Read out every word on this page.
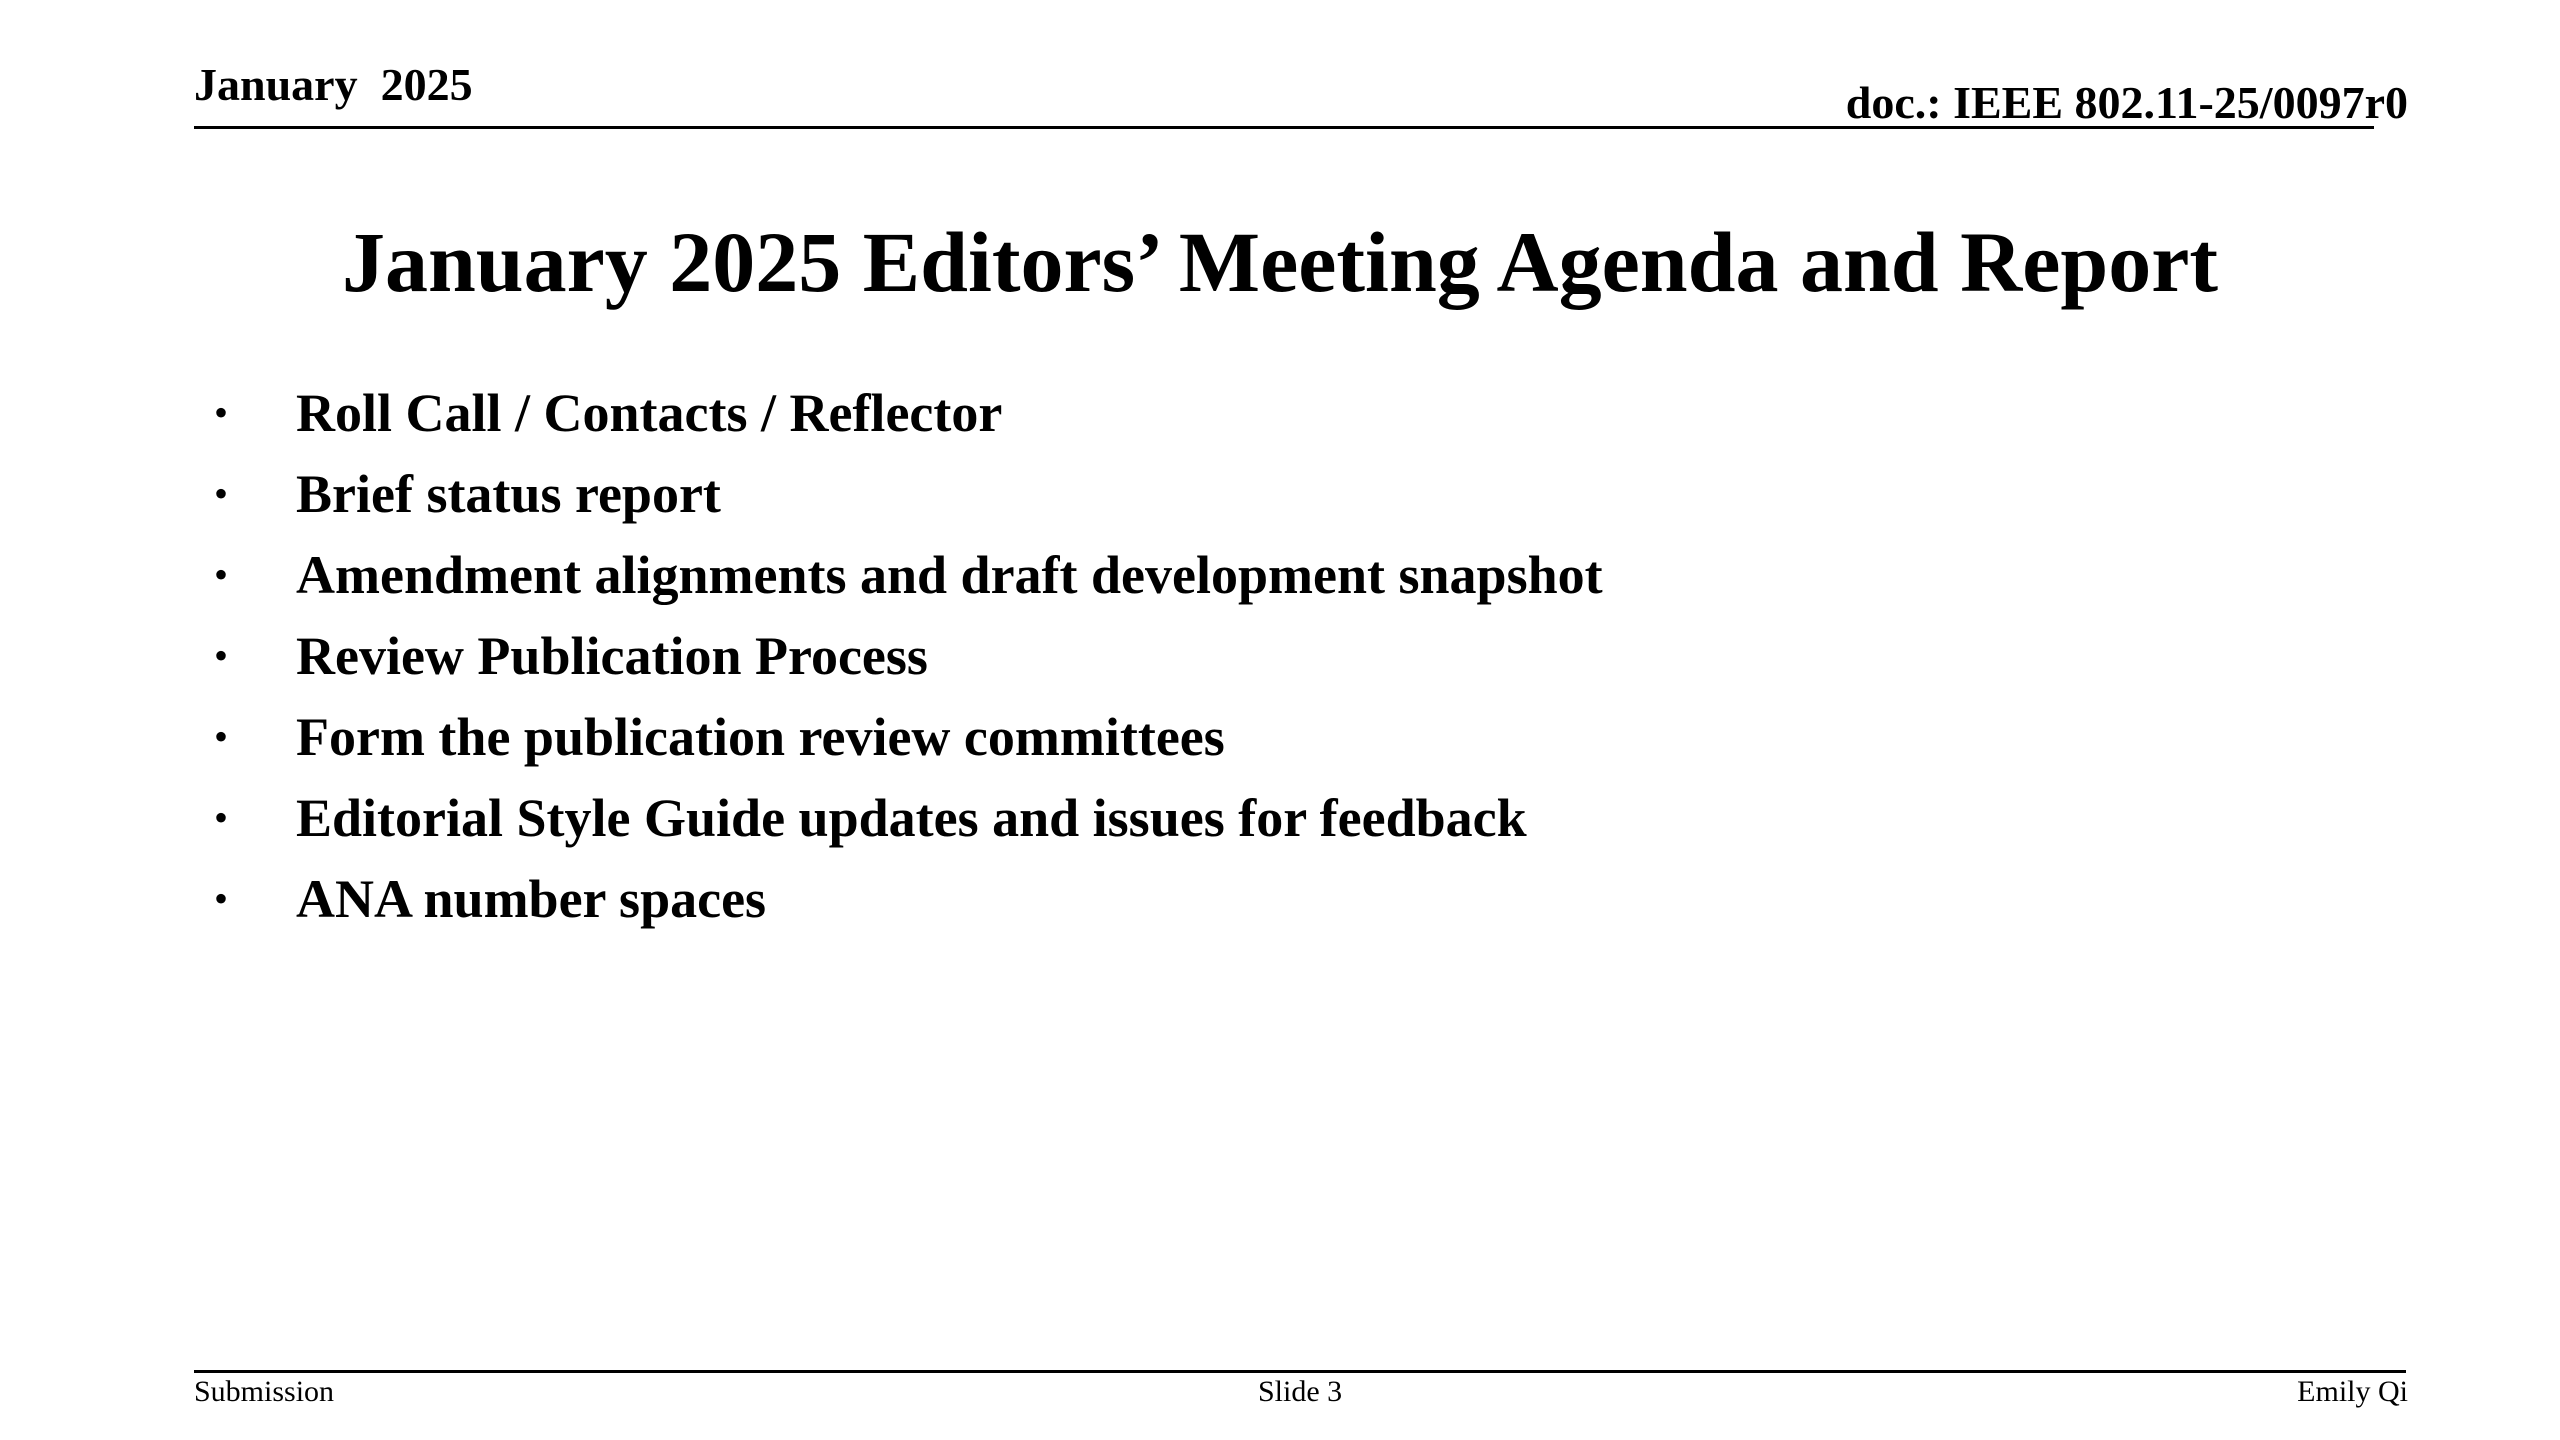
January  2025	doc.: IEEE 802.11-25/0097r0
January 2025 Editors’ Meeting Agenda and Report
•	Roll Call / Contacts / Reflector
•	Brief status report
•	Amendment alignments and draft development snapshot
•	Review Publication Process
•	Form the publication review committees
•	Editorial Style Guide updates and issues for feedback
•	ANA number spaces
Submission	Slide 3	Emily Qi
